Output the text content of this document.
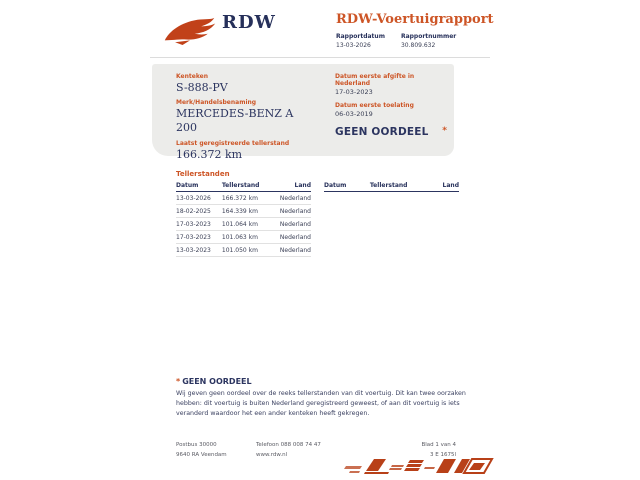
RDW	RDW-Voertuigrapport
Rapportdatum
13-03-2026
Rapportnummer
30.809.632
Kenteken
S-888-PV
Merk/Handelsbenaming
MERCEDES-BENZ A 200
Laatst geregistreerde tellerstand
166.372 km
Datum eerste afgifte in Nederland
17-03-2023
Datum eerste toelating
06-03-2019
GEEN OORDEEL *
Tellerstanden
Datum	Tellerstand	Land
13-03-2026	166.372 km	Nederland
18-02-2025	164.339 km	Nederland
17-03-2023	101.064 km	Nederland
17-03-2023	101.063 km	Nederland
13-03-2023	101.050 km	Nederland
Datum	Tellerstand	Land
* GEEN OORDEEL
Wij geven geen oordeel over de reeks tellerstanden van dit voertuig. Dit kan twee oorzaken hebben: dit voertuig is buiten Nederland geregistreerd geweest, of aan dit voertuig is iets veranderd waardoor het een ander kenteken heeft gekregen.
Postbus 30000
9640 RA Veendam
Telefoon 088 008 74 47
www.rdw.nl
Blad 1 van 4
3 E 1675l
